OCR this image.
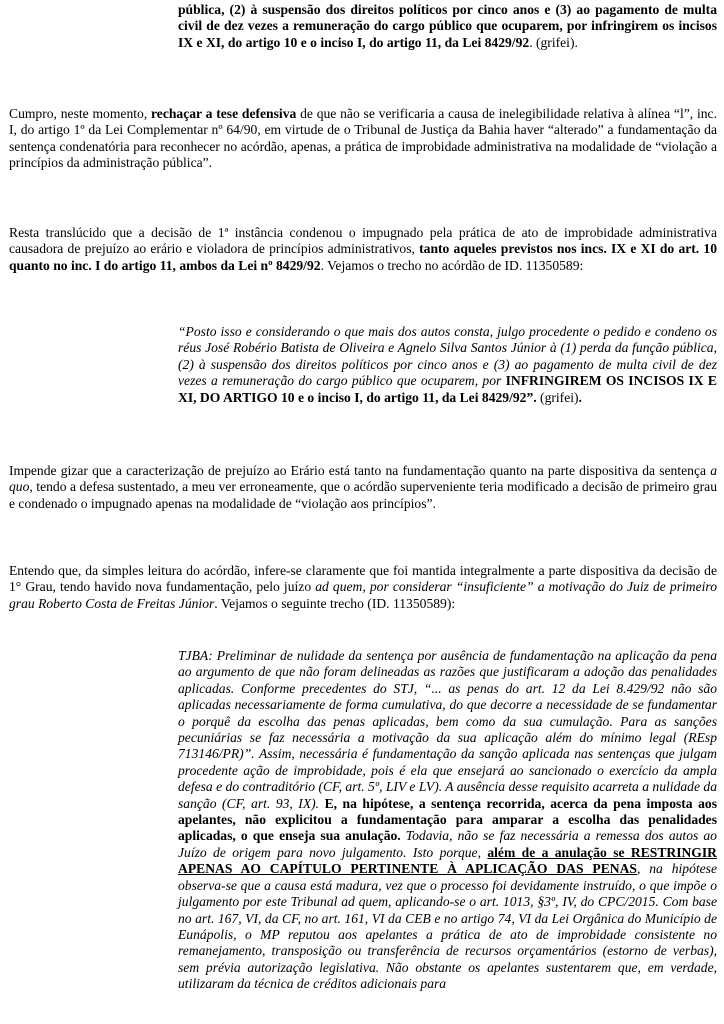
pública, (2) à suspensão dos direitos políticos por cinco anos e (3) ao pagamento de multa civil de dez vezes a remuneração do cargo público que ocuparem, por infringirem os incisos IX e XI, do artigo 10 e o inciso I, do artigo 11, da Lei 8429/92. (grifei).

Cumpro, neste momento, rechaçar a tese defensiva de que não se verificaria a causa de inelegibilidade relativa à alínea “l”, inc. I, do artigo 1º da Lei Complementar nº 64/90, em virtude de o Tribunal de Justiça da Bahia haver “alterado” a fundamentação da sentença condenatória para reconhecer no acórdão, apenas, a prática de improbidade administrativa na modalidade de “violação a princípios da administração pública”.

Resta translúcido que a decisão de 1ª instância condenou o impugnado pela prática de ato de improbidade administrativa causadora de prejuízo ao erário e violadora de princípios administrativos, tanto aqueles previstos nos incs. IX e XI do art. 10 quanto no inc. I do artigo 11, ambos da Lei nº 8429/92. Vejamos o trecho no acórdão de ID. 11350589:

“Posto isso e considerando o que mais dos autos consta, julgo procedente o pedido e condeno os réus José Robério Batista de Oliveira e Agnelo Silva Santos Júnior à (1) perda da função pública, (2) à suspensão dos direitos políticos por cinco anos e (3) ao pagamento de multa civil de dez vezes a remuneração do cargo público que ocuparem, por INFRINGIREM OS INCISOS IX E XI, DO ARTIGO 10 e o inciso I, do artigo 11, da Lei 8429/92”. (grifei).

Impende gizar que a caracterização de prejuízo ao Erário está tanto na fundamentação quanto na parte dispositiva da sentença a quo, tendo a defesa sustentado, a meu ver erroneamente, que o acórdão superveniente teria modificado a decisão de primeiro grau e condenado o impugnado apenas na modalidade de “violação aos princípios”.

Entendo que, da simples leitura do acórdão, infere-se claramente que foi mantida integralmente a parte dispositiva da decisão de 1° Grau, tendo havido nova fundamentação, pelo juízo ad quem, por considerar “insuficiente” a motivação do Juiz de primeiro grau Roberto Costa de Freitas Júnior. Vejamos o seguinte trecho (ID. 11350589):

TJBA: Preliminar de nulidade da sentença por ausência de fundamentação na aplicação da pena ao argumento de que não foram delineadas as razões que justificaram a adoção das penalidades aplicadas. Conforme precedentes do STJ, “... as penas do art. 12 da Lei 8.429/92 não são aplicadas necessariamente de forma cumulativa, do que decorre a necessidade de se fundamentar o porquê da escolha das penas aplicadas, bem como da sua cumulação. Para as sanções pecuniárias se faz necessária a motivação da sua aplicação além do mínimo legal (REsp 713146/PR)”. Assim, necessária é fundamentação da sanção aplicada nas sentenças que julgam procedente ação de improbidade, pois é ela que ensejará ao sancionado o exercício da ampla defesa e do contraditório (CF, art. 5º, LIV e LV). A ausência desse requisito acarreta a nulidade da sanção (CF, art. 93, IX). E, na hipótese, a sentença recorrida, acerca da pena imposta aos apelantes, não explicitou a fundamentação para amparar a escolha das penalidades aplicadas, o que enseja sua anulação. Todavia, não se faz necessária a remessa dos autos ao Juízo de origem para novo julgamento. Isto porque, além de a anulação se RESTRINGIR APENAS AO CAPÍTULO PERTINENTE À APLICAÇÃO DAS PENAS, na hipótese observa-se que a causa está madura, vez que o processo foi devidamente instruído, o que impõe o julgamento por este Tribunal ad quem, aplicando-se o art. 1013, §3º, IV, do CPC/2015. Com base no art. 167, VI, da CF, no art. 161, VI da CEB e no artigo 74, VI da Lei Orgânica do Município de Eunápolis, o MP reputou aos apelantes a prática de ato de improbidade consistente no remanejamento, transposição ou transferência de recursos orçamentários (estorno de verbas), sem prévia autorização legislativa. Não obstante os apelantes sustentarem que, em verdade, utilizaram da técnica de créditos adicionais para
